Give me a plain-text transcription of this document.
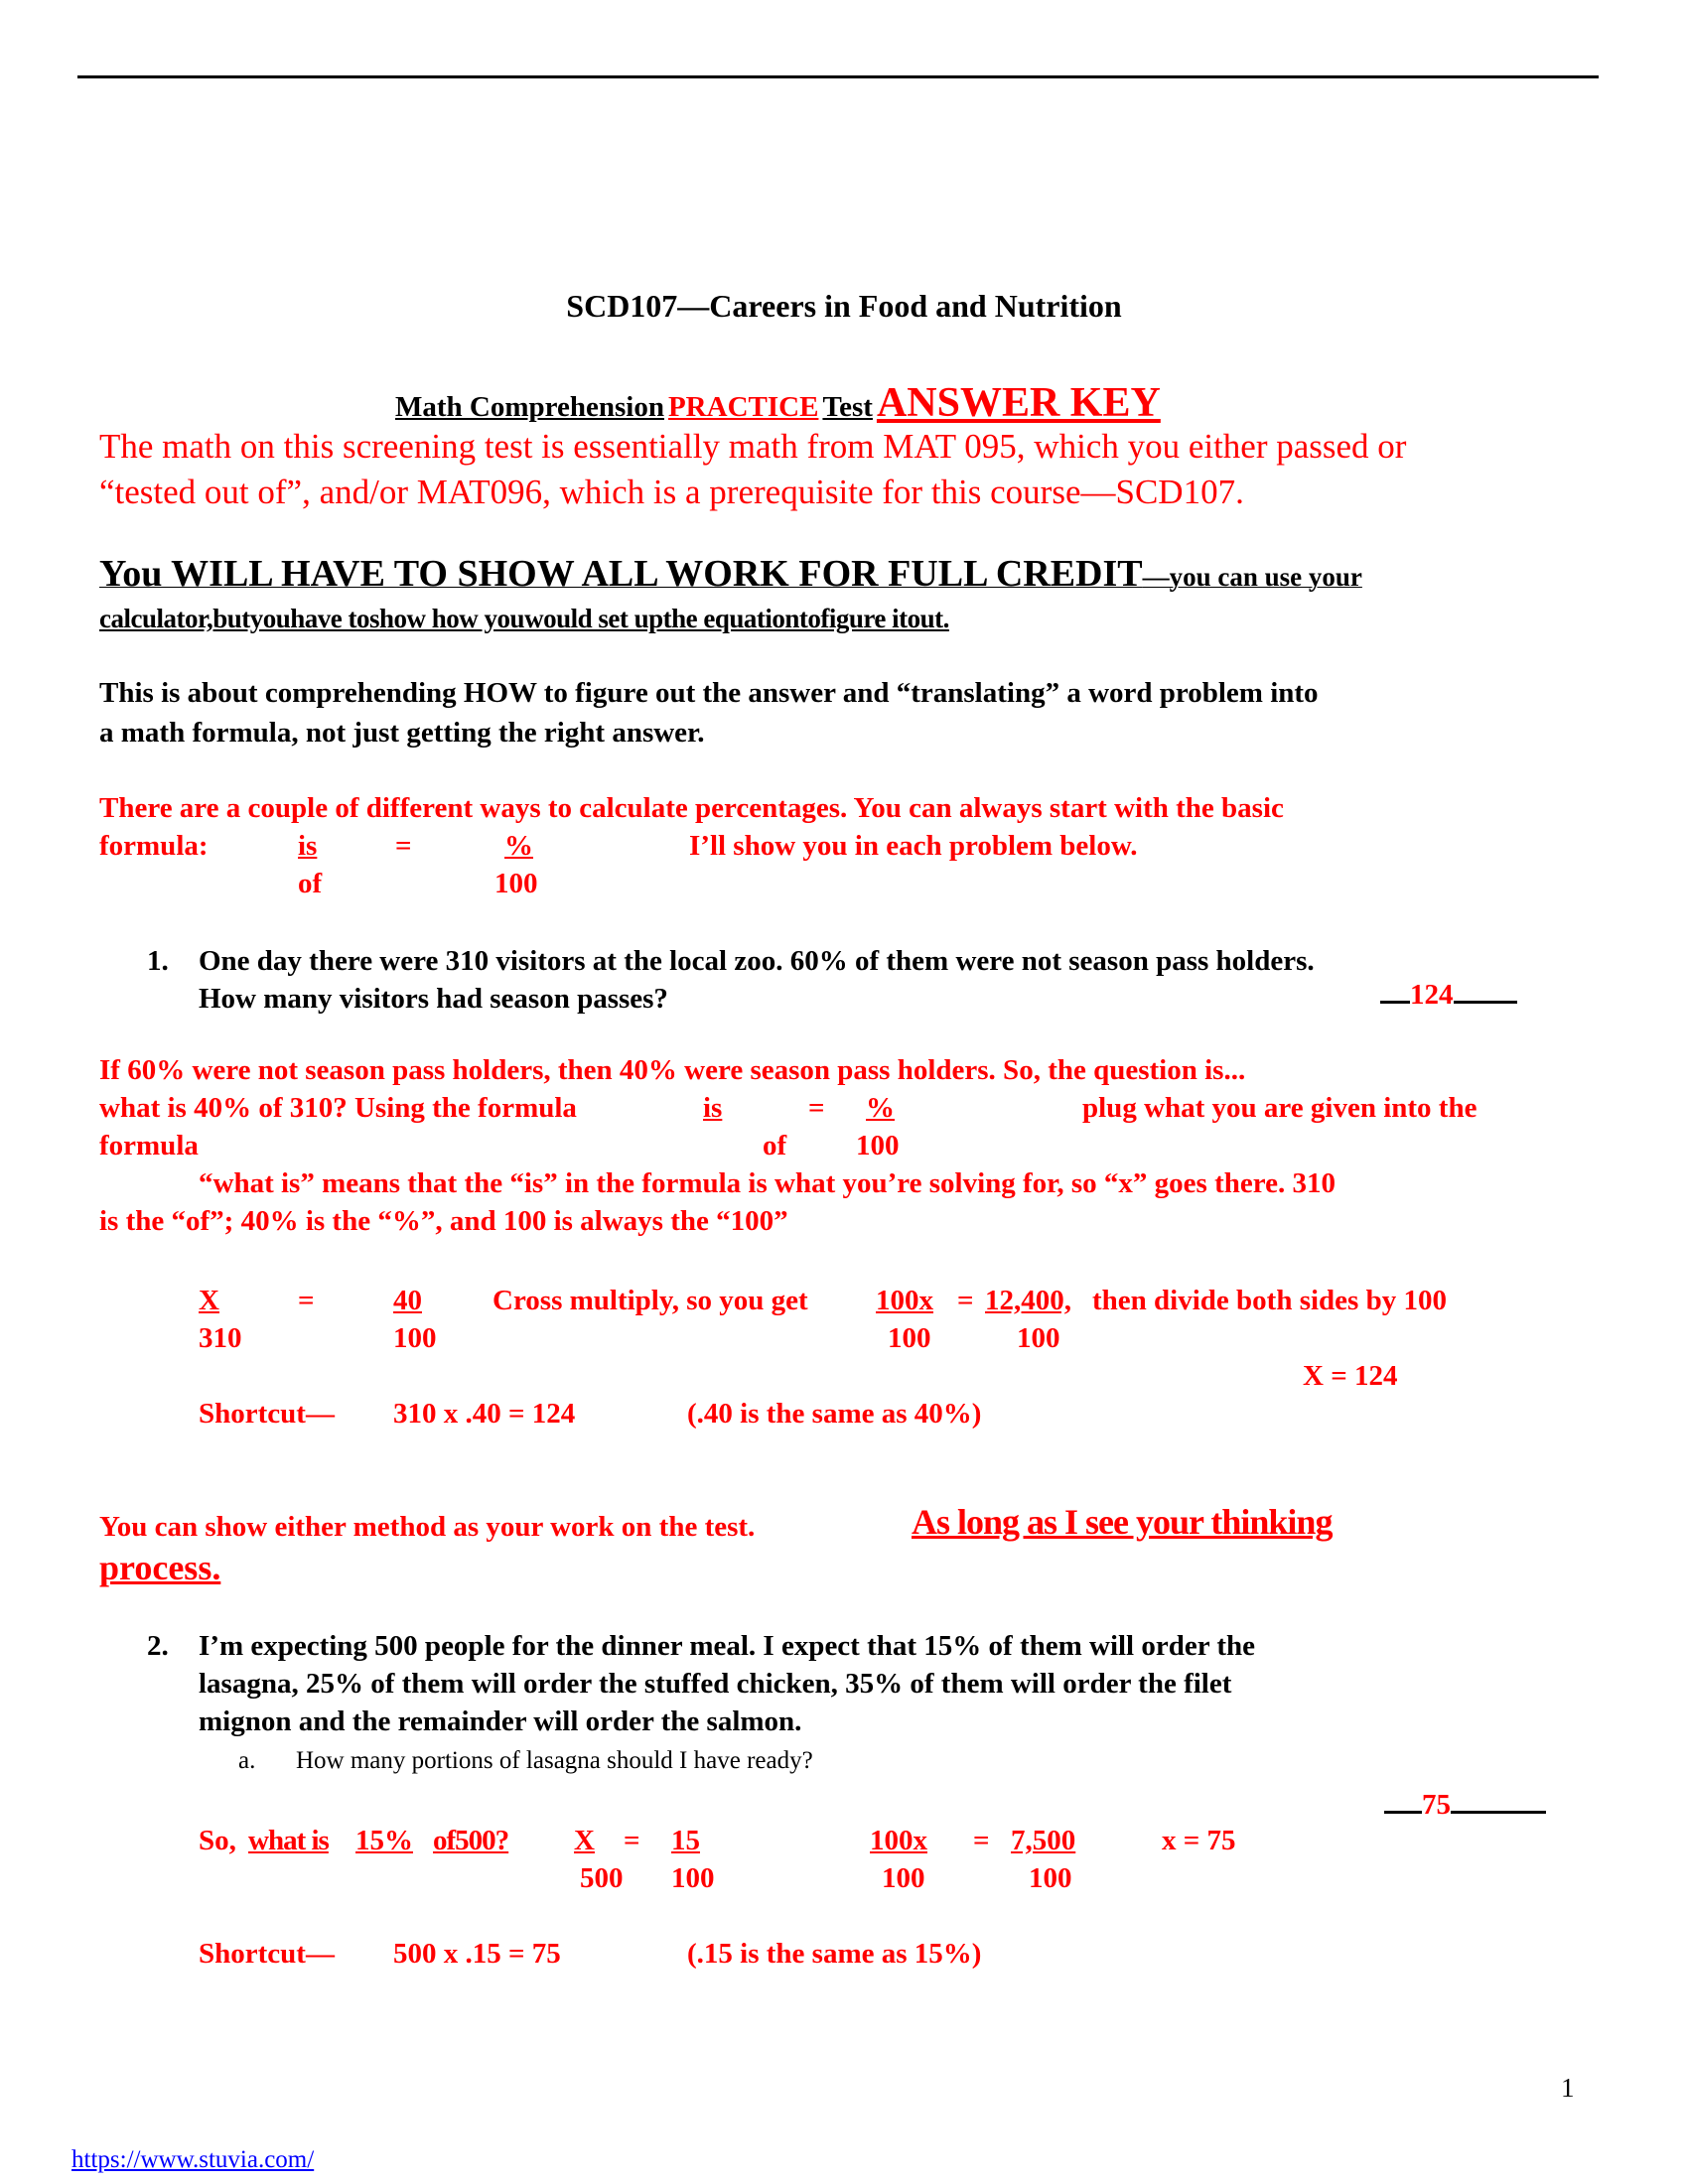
SCD107—Careers in Food and Nutrition
Math Comprehension PRACTICE Test ANSWER KEY
The math on this screening test is essentially math from MAT 095, which you either passed or
“tested out of”, and/or MAT096, which is a prerequisite for this course—SCD107.
You WILL HAVE TO SHOW ALL WORK FOR FULL CREDIT—you can use your
calculator,butyouhave toshow how youwould set upthe equationtofigure itout.
This is about comprehending HOW to figure out the answer and “translating” a word problem into
a math formula, not just getting the right answer.
There are a couple of different ways to calculate percentages. You can always start with the basic
formula:	is	=	%	I’ll show you in each problem below.
of	100
1. One day there were 310 visitors at the local zoo. 60% of them were not season pass holders.
How many visitors had season passes?	124
If 60% were not season pass holders, then 40% were season pass holders. So, the question is...
what is 40% of 310? Using the formula	is	= %	plug what you are given into the
formula	of 100
“what is” means that the “is” in the formula is what you’re solving for, so “x” goes there. 310
is the “of”; 40% is the “%”, and 100 is always the “100”
X	=	40 Cross multiply, so you get 100x = 12,400, then divide both sides by 100
310	100	100	100
X = 124
Shortcut— 310 x .40 = 124	(.40 is the same as 40%)
You can show either method as your work on the test.	As long as I see your thinking
process.
2. I’m expecting 500 people for the dinner meal. I expect that 15% of them will order the
lasagna, 25% of them will order the stuffed chicken, 35% of them will order the filet
mignon and the remainder will order the salmon.
a. How many portions of lasagna should I have ready?
75
So, what is 15% of500? X = 15	100x = 7,500	x = 75
500 100	100	100
Shortcut— 500 x .15 = 75	(.15 is the same as 15%)
1
https://www.stuvia.com/
